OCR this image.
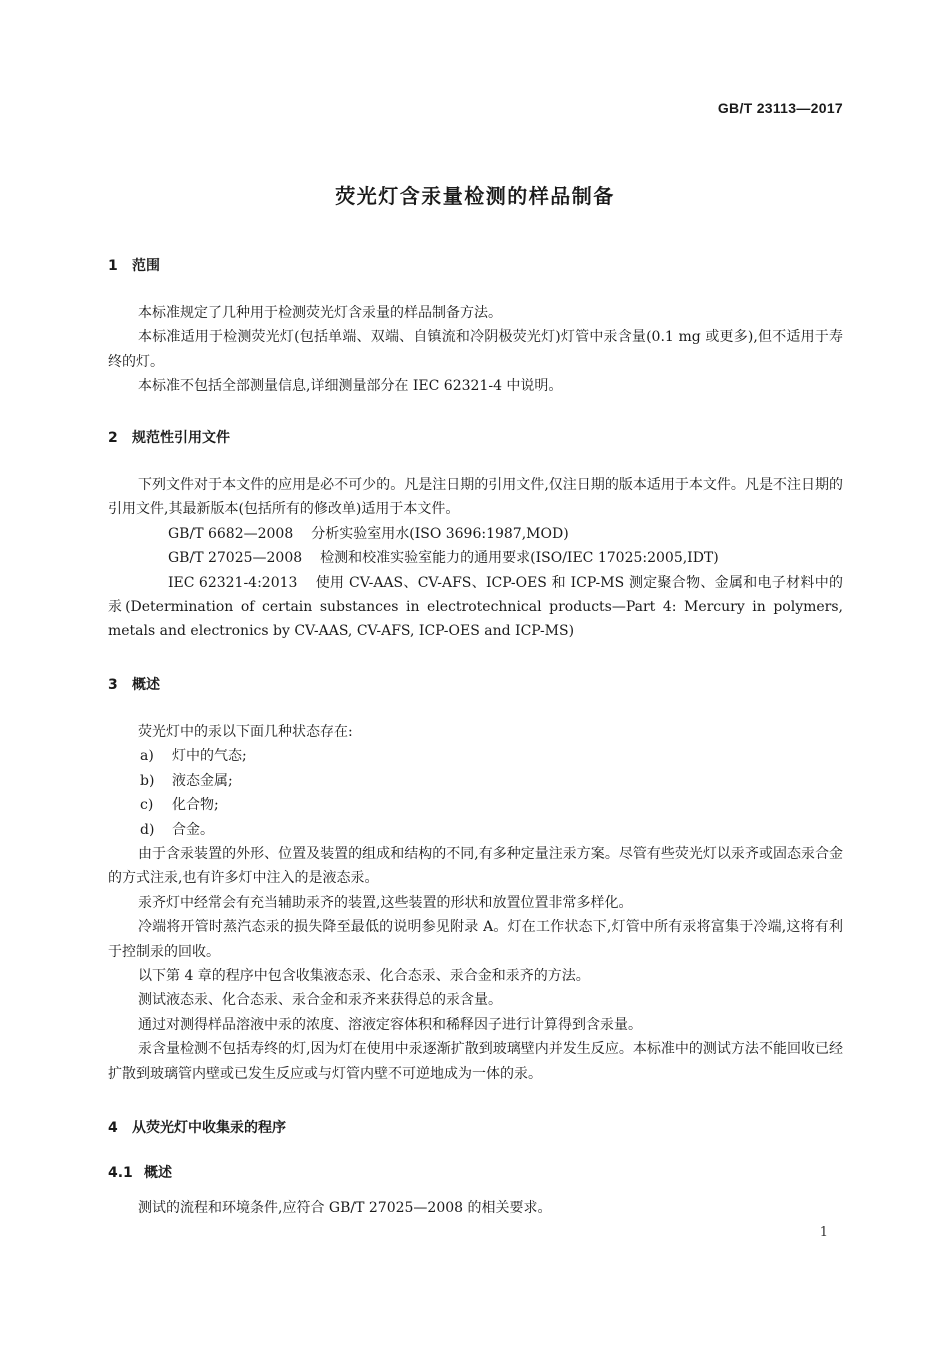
GB/T 23113—2017
荧光灯含汞量检测的样品制备
1 范围

本标准规定了几种用于检测荧光灯含汞量的样品制备方法。

本标准适用于检测荧光灯(包括单端、双端、自镇流和冷阴极荧光灯)灯管中汞含量(0.1 mg 或更多),但不适用于寿终的灯。

本标准不包括全部测量信息,详细测量部分在 IEC 62321-4 中说明。

2 规范性引用文件

下列文件对于本文件的应用是必不可少的。凡是注日期的引用文件,仅注日期的版本适用于本文件。凡是不注日期的引用文件,其最新版本(包括所有的修改单)适用于本文件。

GB/T 6682—2008 分析实验室用水(ISO 3696:1987,MOD)

GB/T 27025—2008 检测和校准实验室能力的通用要求(ISO/IEC 17025:2005,IDT)

IEC 62321-4:2013 使用 CV-AAS、CV-AFS、ICP-OES 和 ICP-MS 测定聚合物、金属和电子材料中的汞(Determination of certain substances in electrotechnical products—Part 4: Mercury in polymers, metals and electronics by CV-AAS, CV-AFS, ICP-OES and ICP-MS)

3 概述

荧光灯中的汞以下面几种状态存在:

a) 灯中的气态;

b) 液态金属;

c) 化合物;

d) 合金。

由于含汞装置的外形、位置及装置的组成和结构的不同,有多种定量注汞方案。尽管有些荧光灯以汞齐或固态汞合金的方式注汞,也有许多灯中注入的是液态汞。

汞齐灯中经常会有充当辅助汞齐的装置,这些装置的形状和放置位置非常多样化。

冷端将开管时蒸汽态汞的损失降至最低的说明参见附录 A。灯在工作状态下,灯管中所有汞将富集于冷端,这将有利于控制汞的回收。

以下第 4 章的程序中包含收集液态汞、化合态汞、汞合金和汞齐的方法。

测试液态汞、化合态汞、汞合金和汞齐来获得总的汞含量。

通过对测得样品溶液中汞的浓度、溶液定容体积和稀释因子进行计算得到含汞量。

汞含量检测不包括寿终的灯,因为灯在使用中汞逐渐扩散到玻璃壁内并发生反应。本标准中的测试方法不能回收已经扩散到玻璃管内壁或已发生反应或与灯管内壁不可逆地成为一体的汞。

4 从荧光灯中收集汞的程序
4.1 概述

测试的流程和环境条件,应符合 GB/T 27025—2008 的相关要求。

1
